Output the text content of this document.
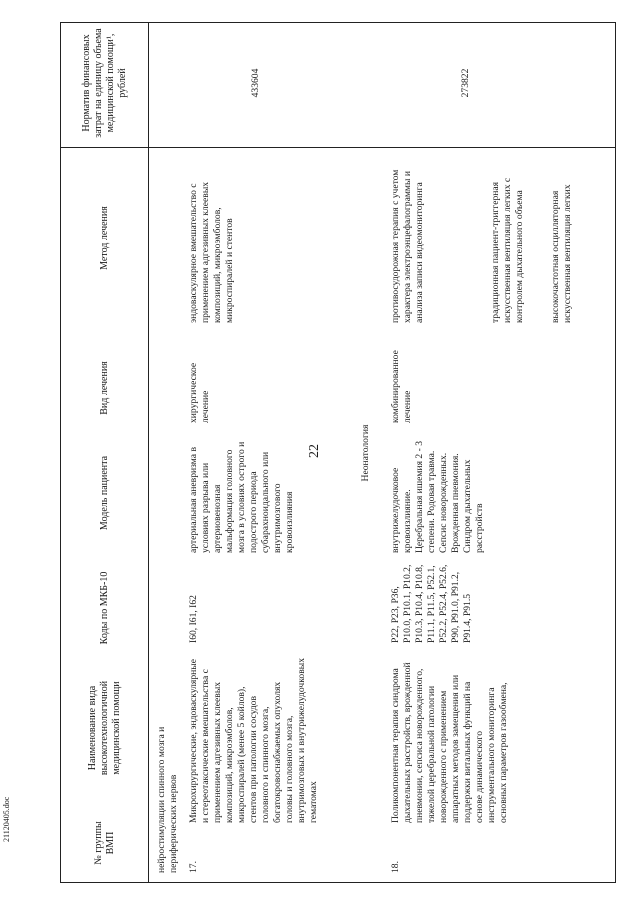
22
21120405.doc
№ группы ВМП
Наименование вида высокотехнологичной медицинской помощи
Коды по МКБ-10
Модель пациента
Вид лечения
Метод лечения
Норматив финансовых затрат на единицу объема медицинской помощи¹, рублей
нейростимуляции спинного мозга и периферических нервов 17.
Микрохирургические, эндоваскулярные и стереотаксические вмешательства с применением адгезивных клеевых композиций, микроэмболов, микроспиралей (менее 5 койлов), стентов при патологии сосудов головного и спинного мозга, богатокровоснабжаемых опухолях головы и головного мозга, внутримозговых и внутрижелудочковых гематомах
I60, I61, I62
артериальная аневризма в условиях разрыва или артериовенозная мальформация головного мозга в условиях острого и подострого периода субарахноидального или внутримозгового кровоизлияния
хирургическое лечение
эндоваскулярное вмешательство с применением адгезивных клеевых композиций, микроэмболов, микроспиралей и стентов
433604
Неонатология
18.
Поликомпонентная терапия синдрома дыхательных расстройств, врожденной пневмонии, сепсиса новорожденного, тяжелой церебральной патологии новорожденного с применением аппаратных методов замещения или поддержки витальных функций на основе динамического инструментального мониторинга основных параметров газообмена,
P22, P23, P36, P10.0, P10.1, P10.2, P10.3, P10.4, P10.8, P11.1, P11.5, P52.1, P52.2, P52.4, P52.6, P90, P91.0, P91.2, P91.4, P91.5
внутрижелудочковое кровоизлияние. Церебральная ишемия 2 - 3 степени. Родовая травма. Сепсис новорожденных. Врожденная пневмония. Синдром дыхательных расстройств
комбинированное лечение
противосудорожная терапия с учетом характера электроэнцефалограммы и анализа записи видеомониторинга	традиционная пациент-триггерная искусственная вентиляция легких с контролем дыхательного объема	высокочастотная осцилляторная искусственная вентиляция легких
273822
